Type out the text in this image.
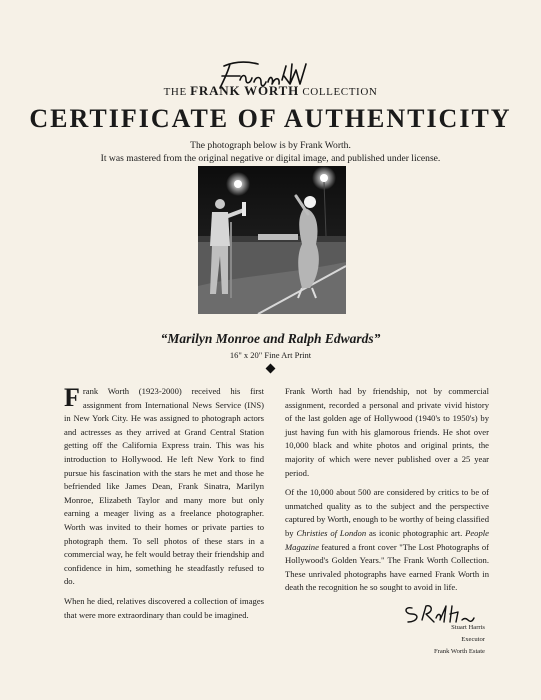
THE FRANK WORTH COLLECTION
CERTIFICATE OF AUTHENTICITY
The photograph below is by Frank Worth.
It was mastered from the original negative or digital image, and published under license.
“Marilyn Monroe and Ralph Edwards”
16" x 20" Fine Art Print

Frank Worth (1923-2000) received his first assignment from International News Service (INS) in New York City. He was assigned to photograph actors and actresses as they arrived at Grand Central Station getting off the California Express train. This was his introduction to Hollywood. He left New York to find pursue his fascination with the stars he met and those he befriended like James Dean, Frank Sinatra, Marilyn Monroe, Elizabeth Taylor and many more but only earning a meager living as a freelance photographer. Worth was invited to their homes or private parties to photograph them. To sell photos of these stars in a commercial way, he felt would betray their friendship and confidence in him, something he steadfastly refused to do.

When he died, relatives discovered a collection of images that were more extraordinary than could be imagined.

Frank Worth had by friendship, not by commercial assignment, recorded a personal and private vivid history of the last golden age of Hollywood (1940's to 1950's) by just having fun with his glamorous friends. He shot over 10,000 black and white photos and original prints, the majority of which were never published over a 25 year period.

Of the 10,000 about 500 are considered by critics to be of unmatched quality as to the subject and the perspective captured by Worth, enough to be worthy of being classified by Christies of London as iconic photographic art. People Magazine featured a front cover "The Lost Photographs of Hollywood's Golden Years." The Frank Worth Collection. These unrivaled photographs have earned Frank Worth in death the recognition he so sought to avoid in life.

Stuart Harris
Executor
Frank Worth Estate
